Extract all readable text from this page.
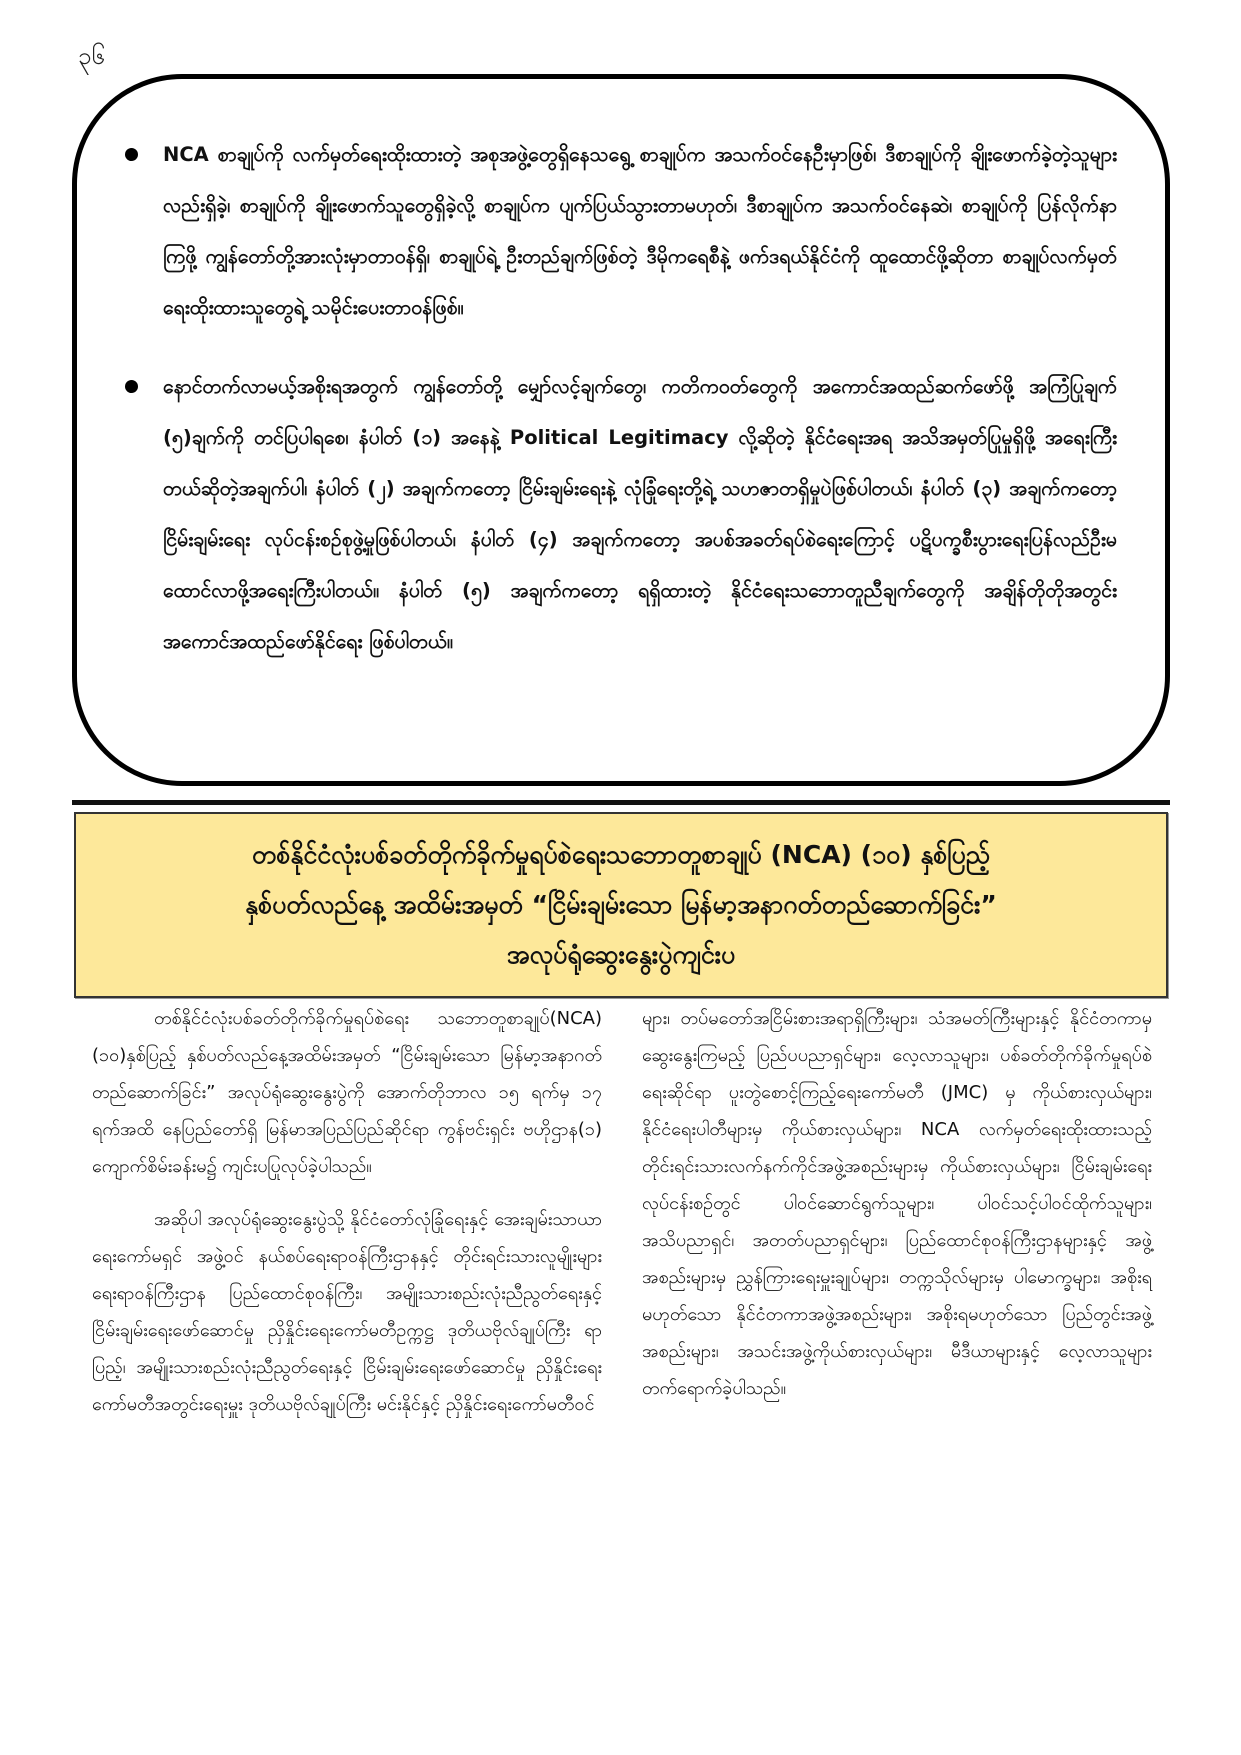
၃၆
NCA စာချုပ်ကို လက်မှတ်ရေးထိုးထားတဲ့ အစုအဖွဲ့တွေရှိနေသရွေ့ စာချုပ်က အသက်ဝင်နေဦးမှာဖြစ်၊ ဒီစာချုပ်ကို ချိုးဖောက်ခဲ့တဲ့သူများလည်းရှိခဲ့၊ စာချုပ်ကို ချိုးဖောက်သူတွေရှိခဲ့လို့ စာချုပ်က ပျက်ပြယ်သွားတာမဟုတ်၊ ဒီစာချုပ်က အသက်ဝင်နေဆဲ၊ စာချုပ်ကို ပြန်လိုက်နာကြဖို့ ကျွန်တော်တို့အားလုံးမှာတာဝန်ရှိ၊ စာချုပ်ရဲ့ ဦးတည်ချက်ဖြစ်တဲ့ ဒီမိုကရေစီနဲ့ ဖက်ဒရယ်နိုင်ငံကို ထူထောင်ဖို့ဆိုတာ စာချုပ်လက်မှတ်ရေးထိုးထားသူတွေရဲ့ သမိုင်းပေးတာဝန်ဖြစ်။
နောင်တက်လာမယ့်အစိုးရအတွက် ကျွန်တော်တို့ မျှော်လင့်ချက်တွေ၊ ကတိကဝတ်တွေကို အကောင်အထည်ဆက်ဖော်ဖို့ အကြံပြုချက် (၅)ချက်ကို တင်ပြပါရစေ၊ နံပါတ် (၁) အနေနဲ့ Political Legitimacy လို့ဆိုတဲ့ နိုင်ငံရေးအရ အသိအမှတ်ပြုမှုရှိဖို့ အရေးကြီးတယ်ဆိုတဲ့အချက်ပါ၊ နံပါတ် (၂) အချက်ကတော့ ငြိမ်းချမ်းရေးနဲ့ လုံခြုံရေးတို့ရဲ့ သဟဇာတရှိမှုပဲဖြစ်ပါတယ်၊ နံပါတ် (၃) အချက်ကတော့ ငြိမ်းချမ်းရေး လုပ်ငန်းစဉ်စုဖွဲ့မှုဖြစ်ပါတယ်၊ နံပါတ် (၄) အချက်ကတော့ အပစ်အခတ်ရပ်စဲရေးကြောင့် ပဋိပက္ခစီးပွားရေးပြန်လည်ဦးမထောင်လာဖို့အရေးကြီးပါတယ်။ နံပါတ် (၅) အချက်ကတော့ ရရှိထားတဲ့ နိုင်ငံရေးသဘောတူညီချက်တွေကို အချိန်တိုတိုအတွင်း အကောင်အထည်ဖော်နိုင်ရေး ဖြစ်ပါတယ်။
တစ်နိုင်ငံလုံးပစ်ခတ်တိုက်ခိုက်မှုရပ်စဲရေးသဘောတူစာချုပ် (NCA) (၁၀) နှစ်ပြည့်
နှစ်ပတ်လည်နေ့ အထိမ်းအမှတ် “ငြိမ်းချမ်းသော မြန်မာ့အနာဂတ်တည်ဆောက်ခြင်း”
အလုပ်ရုံဆွေးနွေးပွဲကျင်းပ

တစ်နိုင်ငံလုံးပစ်ခတ်တိုက်ခိုက်မှုရပ်စဲရေး သဘောတူစာချုပ်(NCA) (၁၀)နှစ်ပြည့် နှစ်ပတ်လည်နေ့အထိမ်းအမှတ် “ငြိမ်းချမ်းသော မြန်မာ့အနာဂတ် တည်ဆောက်ခြင်း” အလုပ်ရုံဆွေးနွေးပွဲကို အောက်တိုဘာလ ၁၅ ရက်မှ ၁၇ ရက်အထိ နေပြည်တော်ရှိ မြန်မာအပြည်ပြည်ဆိုင်ရာ ကွန်ဗင်းရှင်း ဗဟိုဌာန(၁) ကျောက်စိမ်းခန်းမ၌ ကျင်းပပြုလုပ်ခဲ့ပါသည်။

အဆိုပါ အလုပ်ရုံဆွေးနွေးပွဲသို့ နိုင်ငံတော်လုံခြုံရေးနှင့် အေးချမ်းသာယာရေးကော်မရှင် အဖွဲ့ဝင် နယ်စပ်ရေးရာဝန်ကြီးဌာနနှင့် တိုင်းရင်းသားလူမျိုးများရေးရာဝန်ကြီးဌာန ပြည်ထောင်စုဝန်ကြီး၊ အမျိုးသားစည်းလုံးညီညွတ်ရေးနှင့် ငြိမ်းချမ်းရေးဖော်ဆောင်မှု ညှိနှိုင်းရေးကော်မတီဥက္ကဋ္ဌ ဒုတိယဗိုလ်ချုပ်ကြီး ရာပြည့်၊ အမျိုးသားစည်းလုံးညီညွတ်ရေးနှင့် ငြိမ်းချမ်းရေးဖော်ဆောင်မှု ညှိနှိုင်းရေးကော်မတီအတွင်းရေးမှူး ဒုတိယဗိုလ်ချုပ်ကြီး မင်းနိုင်နှင့် ညှိနှိုင်းရေးကော်မတီဝင်

များ၊ တပ်မတော်အငြိမ်းစားအရာရှိကြီးများ၊ သံအမတ်ကြီးများနှင့် နိုင်ငံတကာမှဆွေးနွေးကြမည့် ပြည်ပပညာရှင်များ၊ လေ့လာသူများ၊ ပစ်ခတ်တိုက်ခိုက်မှုရပ်စဲရေးဆိုင်ရာ ပူးတွဲစောင့်ကြည့်ရေးကော်မတီ (JMC) မှ ကိုယ်စားလှယ်များ၊ နိုင်ငံရေးပါတီများမှ ကိုယ်စားလှယ်များ၊ NCA လက်မှတ်ရေးထိုးထားသည့် တိုင်းရင်းသားလက်နက်ကိုင်အဖွဲ့အစည်းများမှ ကိုယ်စားလှယ်များ၊ ငြိမ်းချမ်းရေးလုပ်ငန်းစဉ်တွင် ပါဝင်ဆောင်ရွက်သူများ၊ ပါဝင်သင့်ပါဝင်ထိုက်သူများ၊ အသိပညာရှင်၊ အတတ်ပညာရှင်များ၊ ပြည်ထောင်စုဝန်ကြီးဌာနများနှင့် အဖွဲ့အစည်းများမှ ညွှန်ကြားရေးမှူးချုပ်များ၊ တက္ကသိုလ်များမှ ပါမောက္ခများ၊ အစိုးရမဟုတ်သော နိုင်ငံတကာအဖွဲ့အစည်းများ၊ အစိုးရမဟုတ်သော ပြည်တွင်းအဖွဲ့အစည်းများ၊ အသင်းအဖွဲ့ကိုယ်စားလှယ်များ၊ မီဒီယာများနှင့် လေ့လာသူများ တက်ရောက်ခဲ့ပါသည်။
